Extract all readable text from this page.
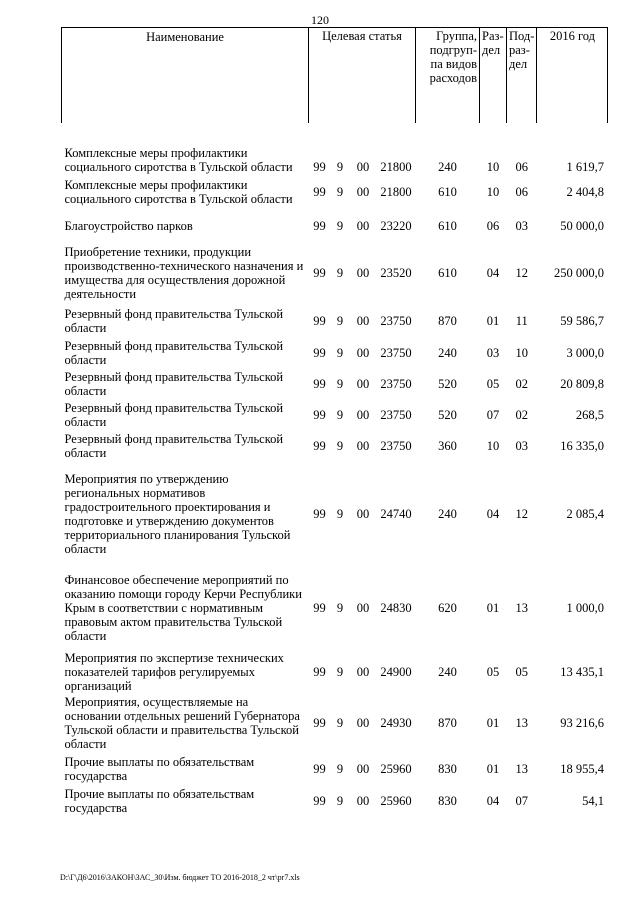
120
Наименование	Целевая статья				Группа, подгруп-па видов расходов	Раз-дел	Под-раз-дел	2016 год
Комплексные меры профилактики социального сиротства в Тульской области	99	9	00	21800	240	10	06	1 619,7
Комплексные меры профилактики социального сиротства в Тульской области	99	9	00	21800	610	10	06	2 404,8
Благоустройство парков	99	9	00	23220	610	06	03	50 000,0
Приобретение техники, продукции производственно-технического назначения и имущества для осуществления дорожной деятельности	99	9	00	23520	610	04	12	250 000,0
Резервный фонд правительства Тульской области	99	9	00	23750	870	01	11	59 586,7
Резервный фонд правительства Тульской области	99	9	00	23750	240	03	10	3 000,0
Резервный фонд правительства Тульской области	99	9	00	23750	520	05	02	20 809,8
Резервный фонд правительства Тульской области	99	9	00	23750	520	07	02	268,5
Резервный фонд правительства Тульской области	99	9	00	23750	360	10	03	16 335,0
Мероприятия по утверждению региональных нормативов градостроительного проектирования и подготовке и утверждению документов территориального планирования Тульской области	99	9	00	24740	240	04	12	2 085,4
Финансовое обеспечение мероприятий по оказанию помощи городу Керчи Республики Крым в соответствии с нормативным правовым актом правительства Тульской области	99	9	00	24830	620	01	13	1 000,0
Мероприятия по экспертизе технических показателей тарифов регулируемых организаций	99	9	00	24900	240	05	05	13 435,1
Мероприятия, осуществляемые на основании отдельных решений Губернатора Тульской области и правительства Тульской области	99	9	00	24930	870	01	13	93 216,6
Прочие выплаты по обязательствам государства	99	9	00	25960	830	01	13	18 955,4
Прочие выплаты по обязательствам государства	99	9	00	25960	830	04	07	54,1
D:\Г\Д6\2016\ЗАКОН\ЗАС_30\Изм. бюджет ТО 2016-2018_2 чт\pr7.xls
